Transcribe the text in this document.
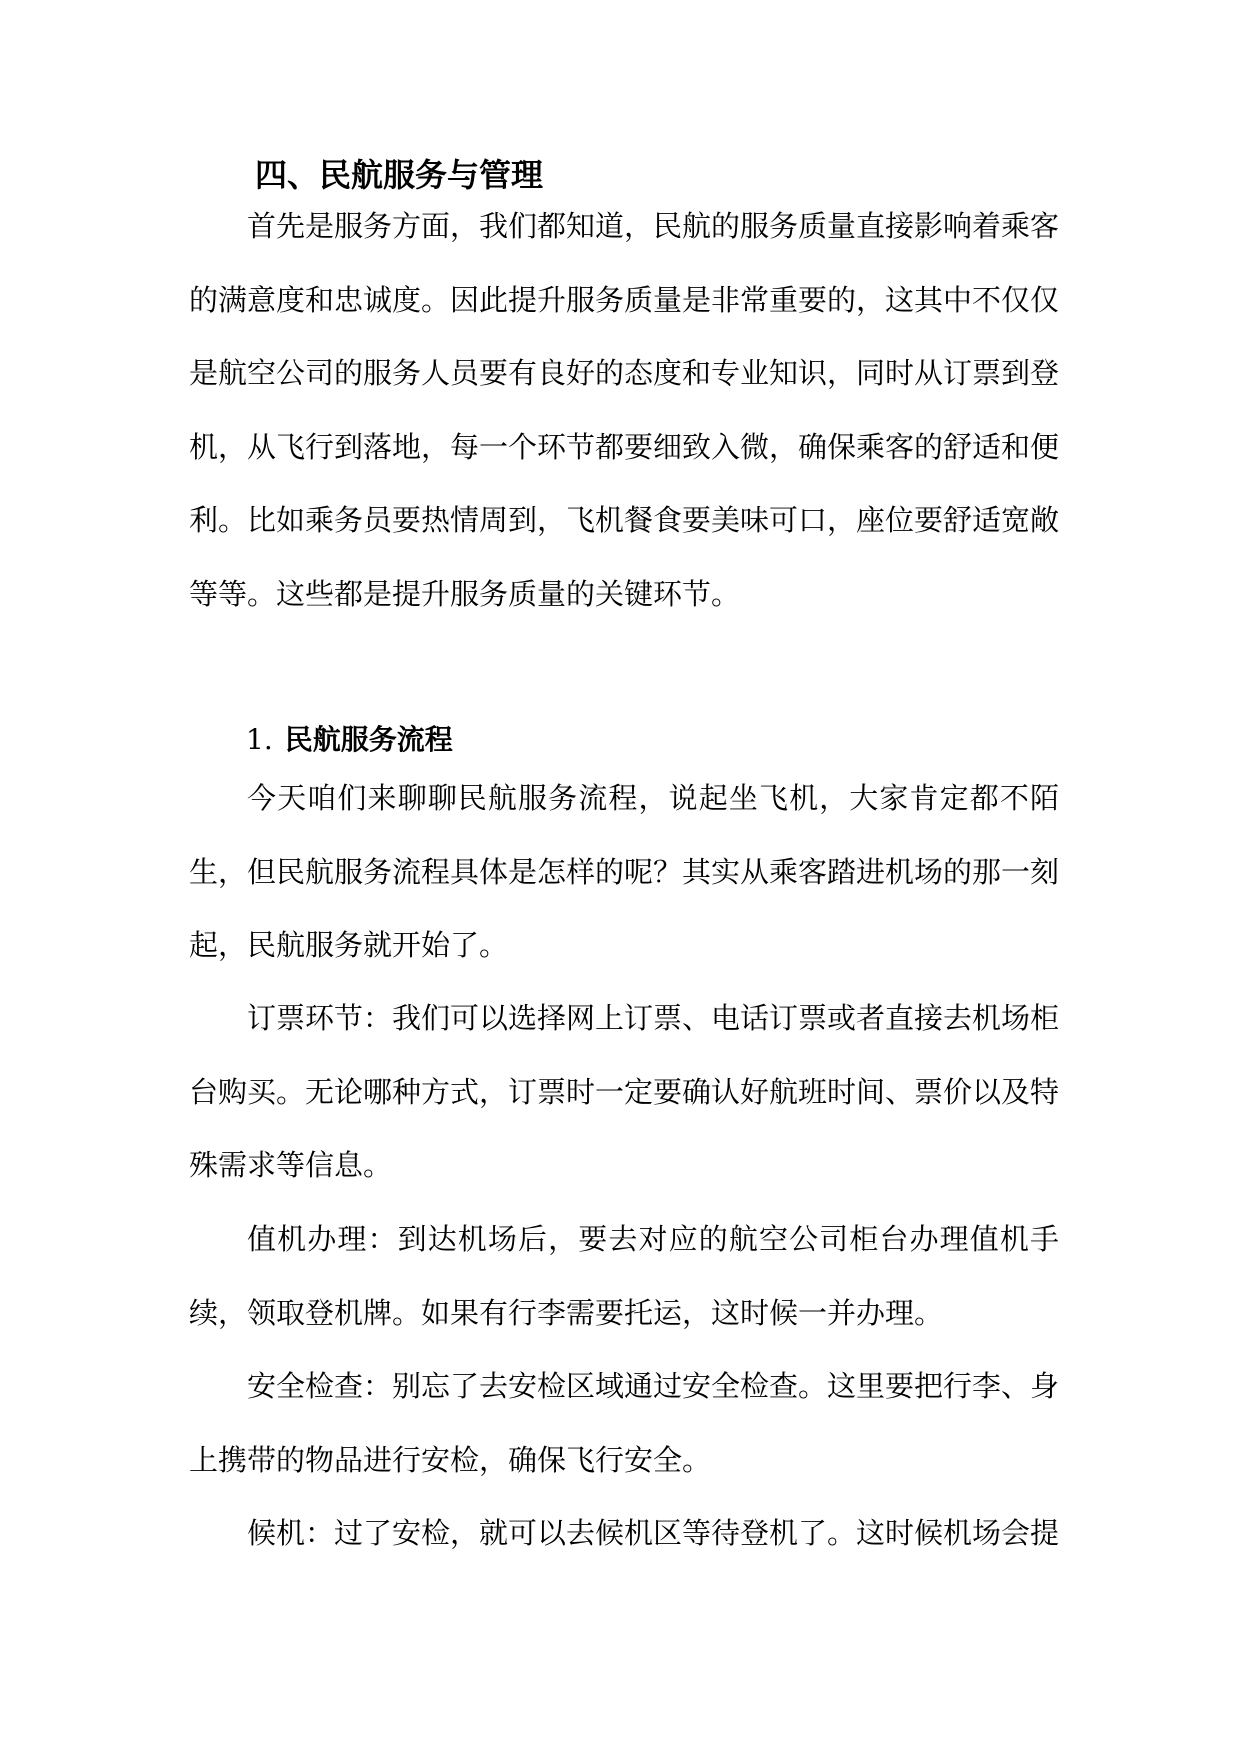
四、民航服务与管理

首先是服务方面，我们都知道，民航的服务质量直接影响着乘客的满意度和忠诚度。因此提升服务质量是非常重要的，这其中不仅仅是航空公司的服务人员要有良好的态度和专业知识，同时从订票到登机，从飞行到落地，每一个环节都要细致入微，确保乘客的舒适和便利。比如乘务员要热情周到，飞机餐食要美味可口，座位要舒适宽敞等等。这些都是提升服务质量的关键环节。

1. 民航服务流程

今天咱们来聊聊民航服务流程，说起坐飞机，大家肯定都不陌生，但民航服务流程具体是怎样的呢？其实从乘客踏进机场的那一刻起，民航服务就开始了。

订票环节：我们可以选择网上订票、电话订票或者直接去机场柜台购买。无论哪种方式，订票时一定要确认好航班时间、票价以及特殊需求等信息。

值机办理：到达机场后，要去对应的航空公司柜台办理值机手续，领取登机牌。如果有行李需要托运，这时候一并办理。

安全检查：别忘了去安检区域通过安全检查。这里要把行李、身上携带的物品进行安检，确保飞行安全。

候机：过了安检，就可以去候机区等待登机了。这时候机场会提
